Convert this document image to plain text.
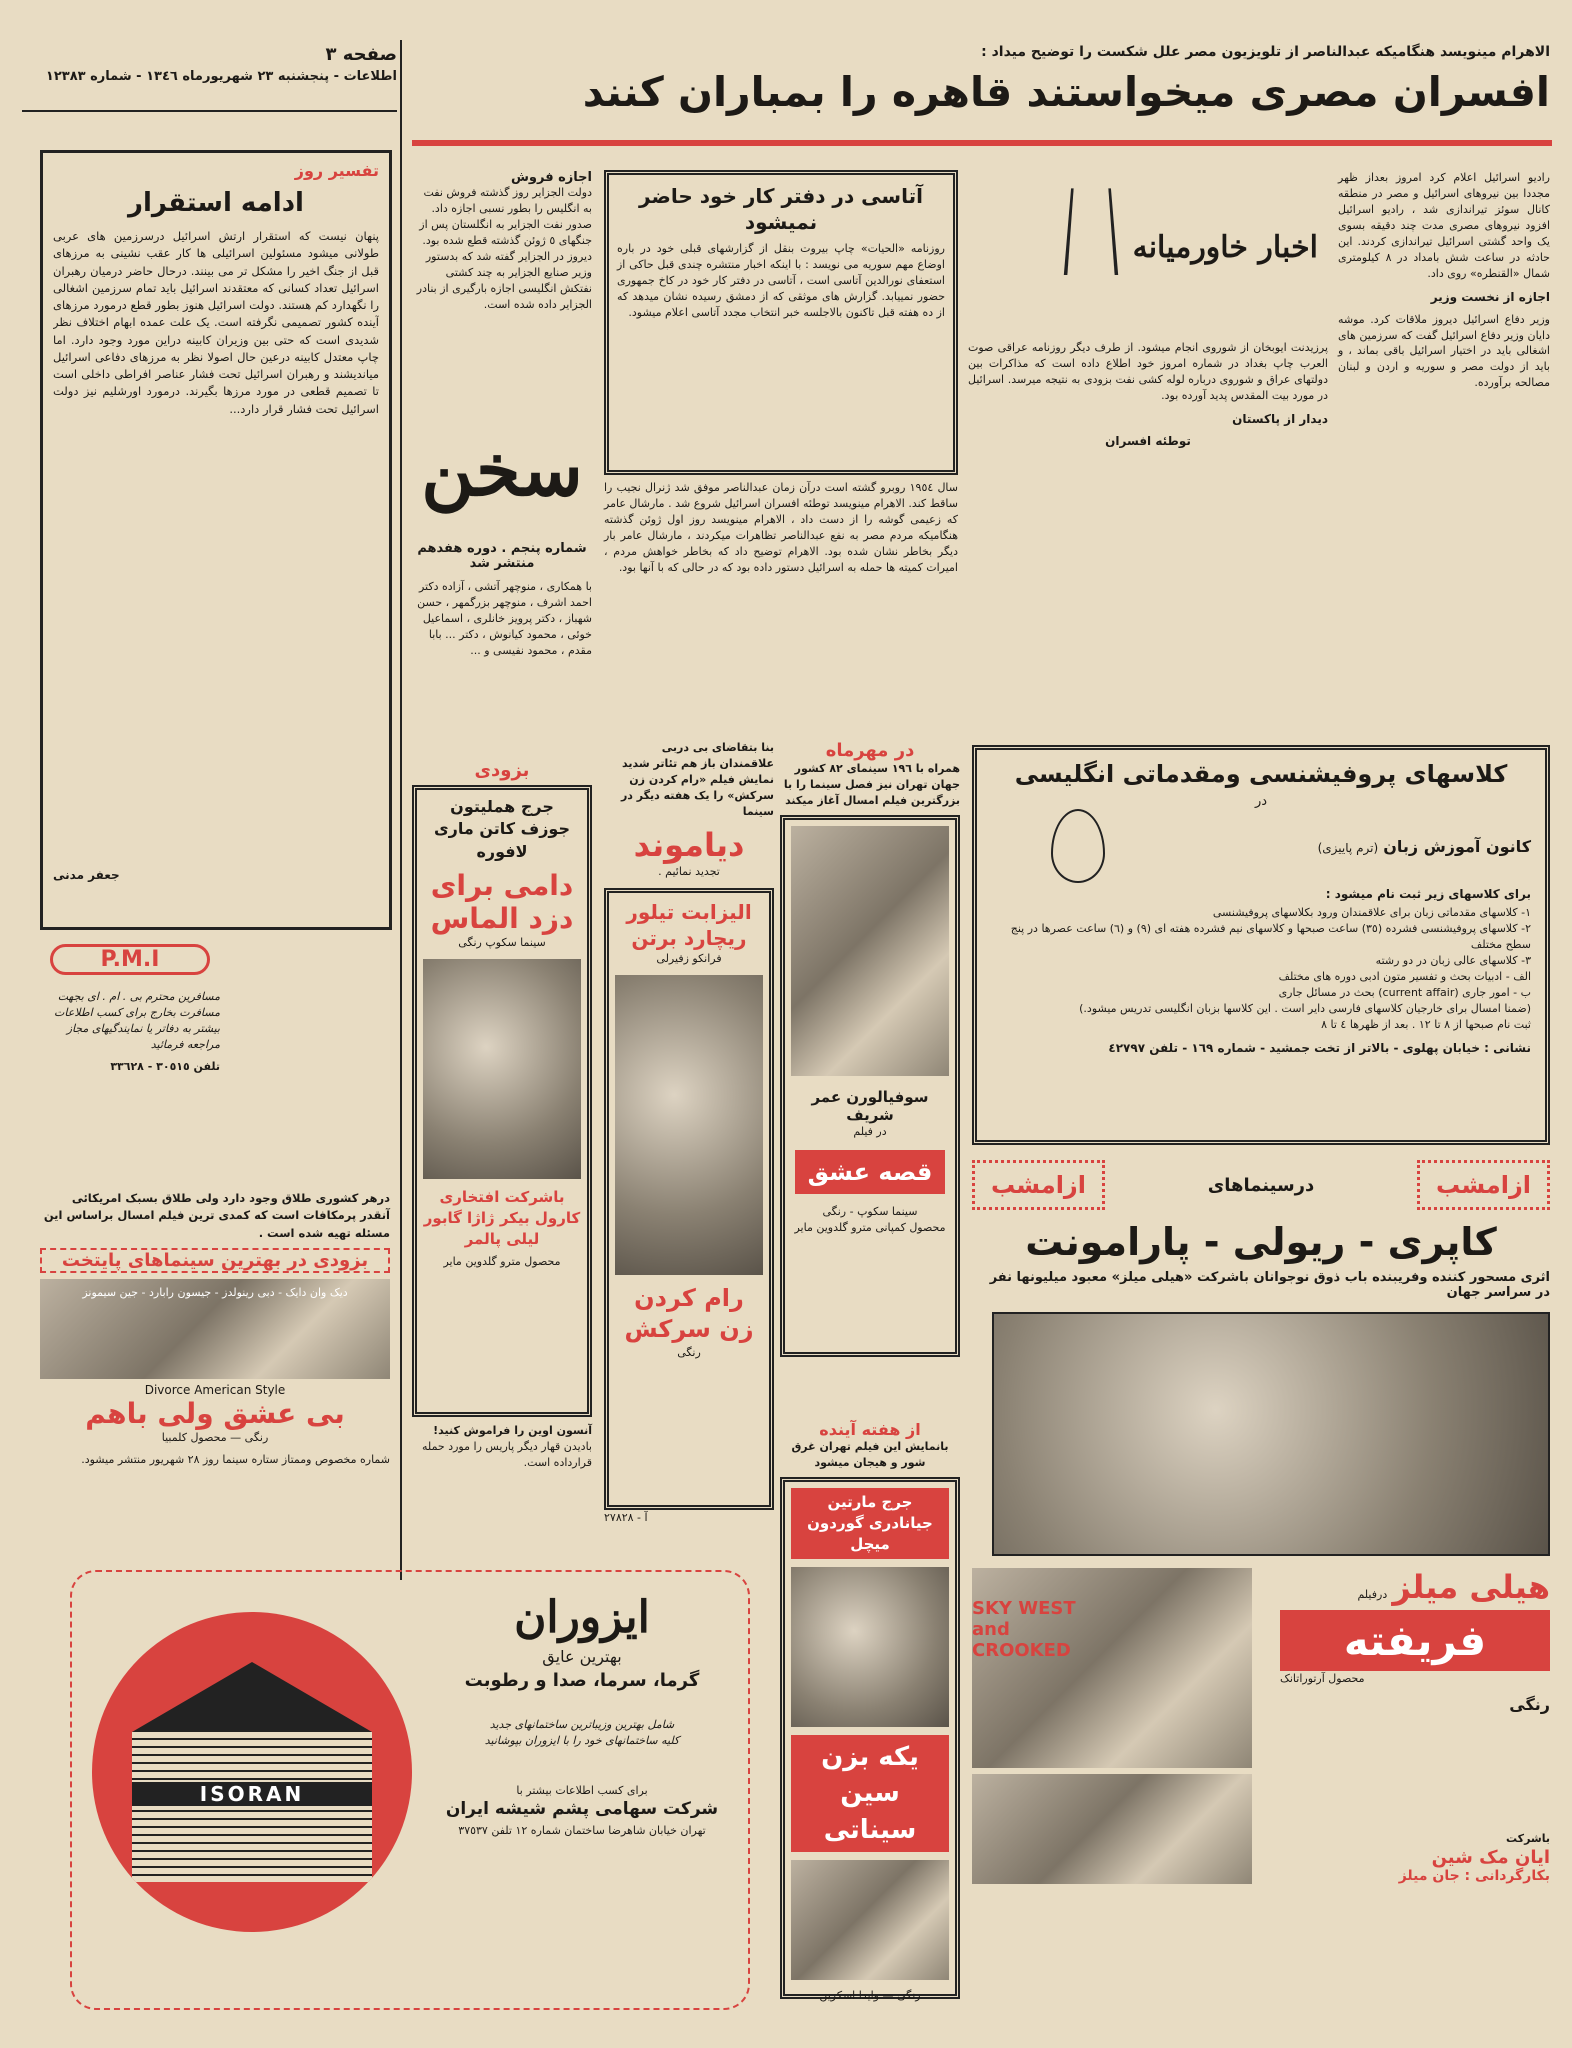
صفحه ٣
اطلاعات - پنجشنبه ٢٣ شهریورماه ١٣٤٦ - شماره ١٢٣٨٣
الاهرام مینویسد هنگامیکه عبدالناصر از تلویزیون مصر علل شکست را توضیح میداد :
افسران مصری میخواستند قاهره را بمباران کنند
تفسیر روز
ادامه استقرار
پنهان نیست که استقرار ارتش اسرائیل درسرزمین های عربی طولانی میشود مسئولین اسرائیلی ها کار عقب نشینی به مرزهای قبل از جنگ اخیر را مشکل تر می بینند. درحال حاضر درمیان رهبران اسرائیل تعداد کسانی که معتقدند اسرائیل باید تمام سرزمین اشغالی را نگهدارد کم هستند. دولت اسرائیل هنوز بطور قطع درمورد مرزهای آینده کشور تصمیمی نگرفته است. یک علت عمده ابهام اختلاف نظر شدیدی است که حتی بین وزیران کابینه دراین مورد وجود دارد. اما چاپ معتدل کابینه درعین حال اصولا نظر به مرزهای دفاعی اسرائیل میاندیشند و رهبران اسرائیل تحت فشار عناصر افراطی داخلی است تا تصمیم قطعی در مورد مرزها بگیرند. درمورد اورشلیم نیز دولت اسرائیل تحت فشار قرار دارد...
جعفر مدنی
P.M.I
مسافرین محترم بی . ام . ای بجهت مسافرت بخارج برای کسب اطلاعات بیشتر به دفاتر یا نمایندگیهای مجاز مراجعه فرمائید
تلفن ٣٠٥١٥ - ٣٣٦٢٨
درهر کشوری طلاق وجود دارد ولی طلاق بسبک امریکائی آنقدر پرمکافات است که کمدی ترین فیلم امسال براساس این مسئله تهیه شده است .
بزودی در بهترین سینماهای پایتخت
دیک وان دایک - دبی رینولدز - جیسون رابارد - جین سیمونز
Divorce American Style
بی عشق ولی باهم
رنگی — محصول کلمبیا
شماره مخصوص وممتاز ستاره سینما روز ٢٨ شهریور منتشر میشود.
اجازه فروش
دولت الجزایر روز گذشته فروش نفت به انگلیس را بطور نسبی اجازه داد. صدور نفت الجزایر به انگلستان پس از جنگهای ٥ ژوئن گذشته قطع شده بود. دیروز در الجزایر گفته شد که بدستور وزیر صنایع الجزایر به چند کشتی نفتکش انگلیسی اجازه بارگیری از بنادر الجزایر داده شده است.
سخن
شماره پنجم . دوره هفدهم منتشر شد
با همکاری ، منوچهر آتشی ، آزاده دکتر احمد اشرف ، منوچهر بزرگمهر ، حسن شهباز ، دکتر پرویز خانلری ، اسماعیل خوئی ، محمود کیانوش ، دکتر ... بابا مقدم ، محمود نفیسی و ...
بزودی
جرج هملیتون جوزف کاتن ماری لافوره
دامی برای
دزد الماس
سینما سکوپ رنگی
باشرکت افتخاری کارول بیکر ژاژا گابور لیلی پالمر
محصول مترو گلدوین مایر
آنسون اوین را فراموش کنید!
بادیدن قهار دیگر پاریس را مورد حمله قرارداده است.
آتاسی در دفتر کار خود حاضر نمیشود
روزنامه «الحیات» چاپ بیروت بنقل از گزارشهای قبلی خود در باره اوضاع مهم سوریه می نویسد : با اینکه اخبار منتشره چندی قبل حاکی از استعفای نورالدین آتاسی است ، آتاسی در دفتر کار خود در کاخ جمهوری حضور نمییابد. گزارش های موثقی که از دمشق رسیده نشان میدهد که از ده هفته قبل تاکنون بالاجلسه خبر انتخاب مجدد آتاسی اعلام میشود.
سال ١٩٥٤ روبرو گشته است درآن زمان عبدالناصر موفق شد ژنرال نجیب را ساقط کند. الاهرام مینویسد توطئه افسران اسرائیل شروع شد . مارشال عامر که زعیمی گوشه را از دست داد ، الاهرام مینویسد روز اول ژوئن گذشته هنگامیکه مردم مصر به نفع عبدالناصر تظاهرات میکردند ، مارشال عامر بار دیگر بخاطر نشان شده بود. الاهرام توضیح داد که بخاطر خواهش مردم ، امیرات کمیته ها حمله به اسرائیل دستور داده بود که در حالی که با آنها بود.
بنا بتقاضای بی دربی علاقمندان باز هم تئاتر شدید نمایش فیلم «رام کردن زن سرکش» را یک هفته دیگر در سینما
دیاموند
تجدید نمائیم .
الیزابت تیلور ریچارد برتن
فرانکو زفیرلی
رام کردن زن سرکش
رنگی
آ - ٢٧٨٢٨
در مهرماه
همراه با ١٩٦ سینمای ٨٢ کشور جهان تهران نیز فصل سینما را با بزرگترین فیلم امسال آغاز میکند
سوفیالورن عمر شریف
در فیلم
قصه عشق
سینما سکوپ - رنگی
محصول کمپانی مترو گلدوین مایر
از هفته آینده
بانمایش این فیلم تهران غرق شور و هیجان میشود
جرج مارتین جیانادری گوردون میچل
یکه بزن سین سیناتی
رنگی — وایدا اسکرین
اخبار خاورمیانه
پرزیدنت ایوبخان از شوروی انجام میشود. از طرف دیگر روزنامه عراقی صوت العرب چاپ بغداد در شماره امروز خود اطلاع داده است که مذاکرات بین دولتهای عراق و شوروی درباره لوله کشی نفت بزودی به نتیجه میرسد. اسرائیل در مورد بیت المقدس پدید آورده بود.
دیدار از پاکستان
توطئه افسران
رادیو اسرائیل اعلام کرد امروز بعداز ظهر مجددا بین نیروهای اسرائیل و مصر در منطقه کانال سوئز تیراندازی شد ، رادیو اسرائیل افزود نیروهای مصری مدت چند دقیقه بسوی یک واحد گشتی اسرائیل تیراندازی کردند. این حادثه در ساعت شش بامداد در ٨ کیلومتری شمال «القنطره» روی داد.
اجازه از نخست وزیر
وزیر دفاع اسرائیل دیروز ملاقات کرد. موشه دایان وزیر دفاع اسرائیل گفت که سرزمین های اشغالی باید در اختیار اسرائیل باقی بماند ، و باید از دولت مصر و سوریه و اردن و لبنان مصالحه برآورده.
کلاسهای پروفیشنسی ومقدماتی انگلیسی
در
کانون آموزش زبان (ترم پاییزی)
برای کلاسهای زیر ثبت نام میشود :
١- کلاسهای مقدماتی زبان برای علاقمندان ورود بکلاسهای پروفیشنسی
٢- کلاسهای پروفیشنسی فشرده (٣٥) ساعت صبحها و کلاسهای نیم فشرده هفته ای (٩) و (٦) ساعت عصرها در پنج سطح مختلف
٣- کلاسهای عالی زبان در دو رشته
الف - ادبیات بحث و تفسیر متون ادبی دوره های مختلف
ب - امور جاری (current affair) بحث در مسائل جاری
(ضمنا امسال برای خارجیان کلاسهای فارسی دایر است . این کلاسها بزبان انگلیسی تدریس میشود.)
ثبت نام صبحها از ٨ تا ١٢ . بعد از ظهرها ٤ تا ٨
نشانی : خیابان پهلوی - بالاتر از تخت جمشید - شماره ١٦٩ - تلفن ٤٢٧٩٧
ازامشب
درسینماهای
ازامشب
کاپری - ریولی - پارامونت
اثری مسحور کننده وفریبنده باب ذوق نوجوانان باشرکت «هیلی میلز» معبود میلیونها نفر در سراسر جهان
هیلی میلز درفیلم
فریفته
محصول آرتوراتانک
رنگی
SKY WEST and CROOKED
باشرکت
ایان مک شین
بکارگردانی : جان میلز
ISORAN
ایزوران
بهترین عایق
گرما، سرما، صدا و رطوبت
شامل بهترین وزیباترین ساختمانهای جدید
کلیه ساختمانهای خود را با ایزوران بپوشانید
برای کسب اطلاعات بیشتر با
شرکت سهامی پشم شیشه ایران
تهران خیابان شاهرضا ساختمان شماره ١٢ تلفن ٣٧٥٣٧
